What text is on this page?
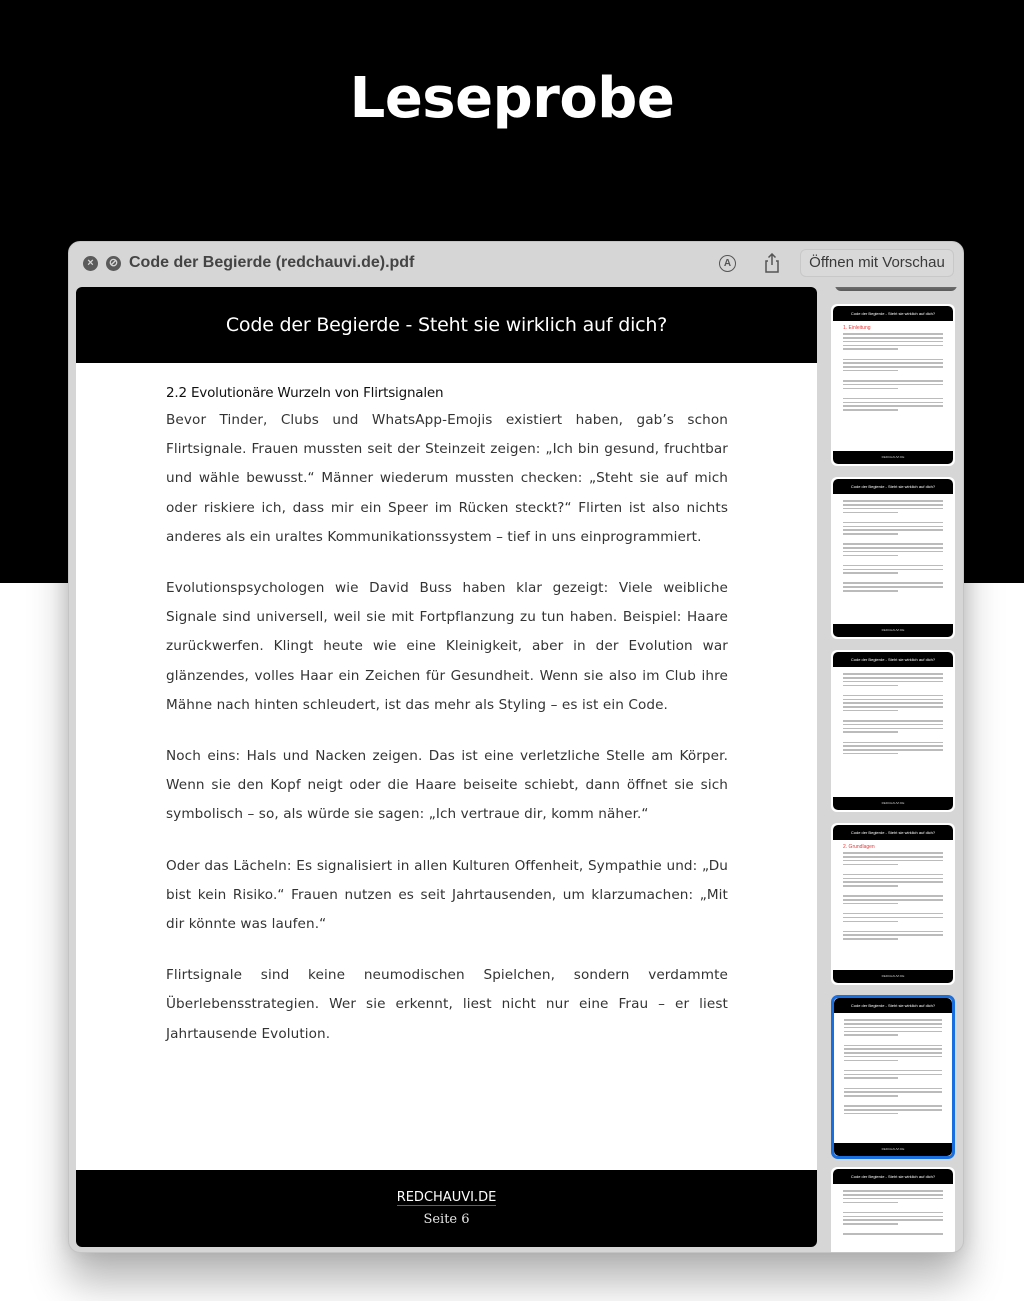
Leseprobe
×	⊘ Code der Begierde (redchauvi.de).pdf	A	Öffnen mit Vorschau
Code der Begierde - Steht sie wirklich auf dich?
2.2 Evolutionäre Wurzeln von Flirtsignalen

Bevor Tinder, Clubs und WhatsApp-Emojis existiert haben, gab’s schon Flirtsignale. Frauen mussten seit der Steinzeit zeigen: „Ich bin gesund, fruchtbar und wähle bewusst.“ Männer wiederum mussten checken: „Steht sie auf mich oder riskiere ich, dass mir ein Speer im Rücken steckt?“ Flirten ist also nichts anderes als ein uraltes Kommunikationssystem – tief in uns einprogrammiert.

Evolutionspsychologen wie David Buss haben klar gezeigt: Viele weibliche Signale sind universell, weil sie mit Fortpflanzung zu tun haben. Beispiel: Haare zurückwerfen. Klingt heute wie eine Kleinigkeit, aber in der Evolution war glänzendes, volles Haar ein Zeichen für Gesundheit. Wenn sie also im Club ihre Mähne nach hinten schleudert, ist das mehr als Styling – es ist ein Code.

Noch eins: Hals und Nacken zeigen. Das ist eine verletzliche Stelle am Körper. Wenn sie den Kopf neigt oder die Haare beiseite schiebt, dann öffnet sie sich symbolisch – so, als würde sie sagen: „Ich vertraue dir, komm näher.“

Oder das Lächeln: Es signalisiert in allen Kulturen Offenheit, Sympathie und: „Du bist kein Risiko.“ Frauen nutzen es seit Jahrtausenden, um klarzumachen: „Mit dir könnte was laufen.“

Flirtsignale sind keine neumodischen Spielchen, sondern verdammte Überlebensstrategien. Wer sie erkennt, liest nicht nur eine Frau – er liest Jahrtausende Evolution.

REDCHAUVI.DE
Seite 6
Code der Begierde - Steht sie wirklich auf dich?
1. Einleitung
REDCHAUVI.DE
Code der Begierde - Steht sie wirklich auf dich?
REDCHAUVI.DE
Code der Begierde - Steht sie wirklich auf dich?
REDCHAUVI.DE
Code der Begierde - Steht sie wirklich auf dich?
2. Grundlagen
REDCHAUVI.DE
Code der Begierde - Steht sie wirklich auf dich?
REDCHAUVI.DE
Code der Begierde - Steht sie wirklich auf dich?
